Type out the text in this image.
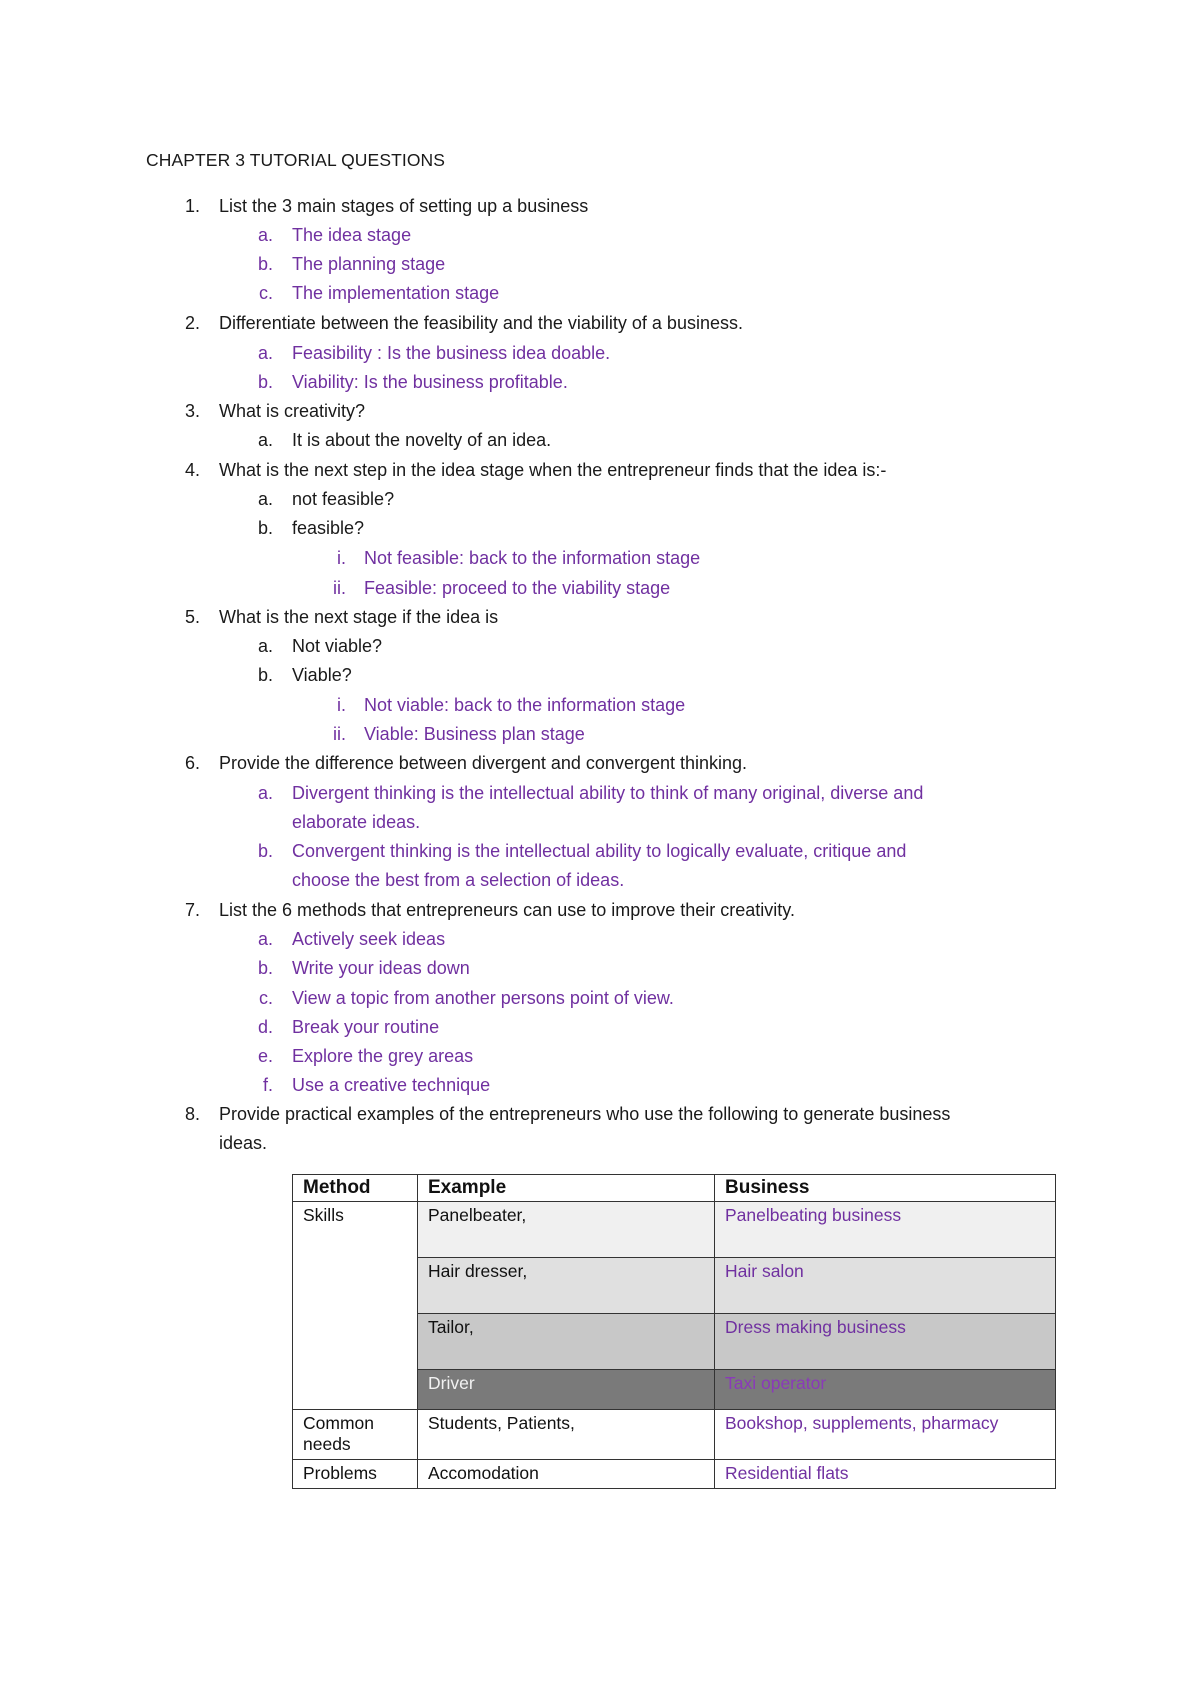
CHAPTER 3 TUTORIAL QUESTIONS
1. List the 3 main stages of setting up a business
a. The idea stage
b. The planning stage
c. The implementation stage
2. Differentiate between the feasibility and the viability of a business.
a. Feasibility : Is the business idea doable.
b. Viability: Is the business profitable.
3. What is creativity?
a. It is about the novelty of an idea.
4. What is the next step in the idea stage when the entrepreneur finds that the idea is:-
a. not feasible?
b. feasible?
i. Not feasible: back to the information stage
ii. Feasible: proceed to the viability stage
5. What is the next stage if the idea is
a. Not viable?
b. Viable?
i. Not viable: back to the information stage
ii. Viable: Business plan stage
6. Provide the difference between divergent and convergent thinking.
a. Divergent thinking is the intellectual ability to think of many original, diverse and
elaborate ideas.
b. Convergent thinking is the intellectual ability to logically evaluate, critique and
choose the best from a selection of ideas.
7. List the 6 methods that entrepreneurs can use to improve their creativity.
a. Actively seek ideas
b. Write your ideas down
c. View a topic from another persons point of view.
d. Break your routine
e. Explore the grey areas
f. Use a creative technique
8. Provide practical examples of the entrepreneurs who use the following to generate business
ideas.
Method	Example	Business
Skills	Panelbeater,	Panelbeating business
	Hair dresser,	Hair salon
	Tailor,	Dress making business
	Driver	Taxi operator
Common needs	Students, Patients,	Bookshop, supplements, pharmacy
Problems	Accomodation	Residential flats
